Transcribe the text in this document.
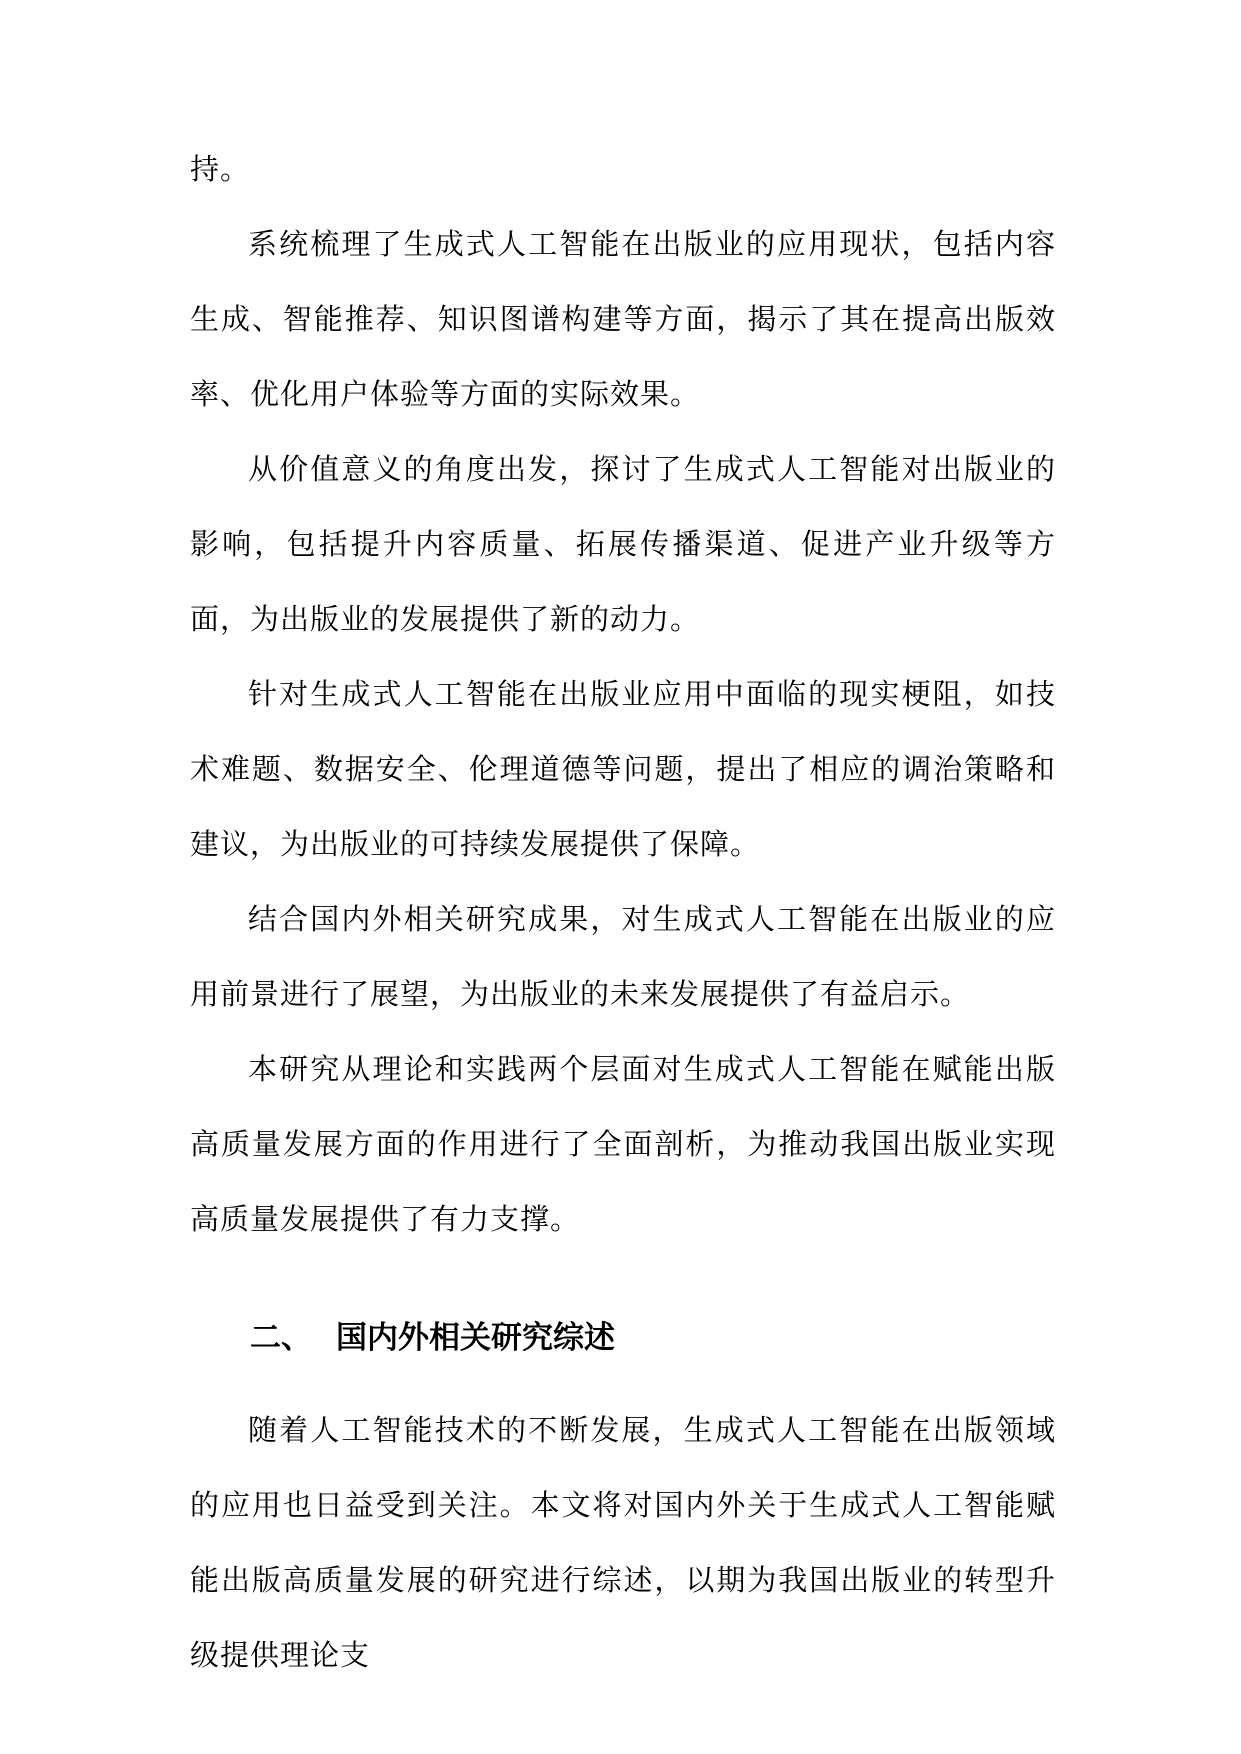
持。

系统梳理了生成式人工智能在出版业的应用现状，包括内容生成、智能推荐、知识图谱构建等方面，揭示了其在提高出版效率、优化用户体验等方面的实际效果。

从价值意义的角度出发，探讨了生成式人工智能对出版业的影响，包括提升内容质量、拓展传播渠道、促进产业升级等方面，为出版业的发展提供了新的动力。

针对生成式人工智能在出版业应用中面临的现实梗阻，如技术难题、数据安全、伦理道德等问题，提出了相应的调治策略和建议，为出版业的可持续发展提供了保障。

结合国内外相关研究成果，对生成式人工智能在出版业的应用前景进行了展望，为出版业的未来发展提供了有益启示。

本研究从理论和实践两个层面对生成式人工智能在赋能出版高质量发展方面的作用进行了全面剖析，为推动我国出版业实现高质量发展提供了有力支撑。

二、 国内外相关研究综述

随着人工智能技术的不断发展，生成式人工智能在出版领域的应用也日益受到关注。本文将对国内外关于生成式人工智能赋能出版高质量发展的研究进行综述，以期为我国出版业的转型升级提供理论支
